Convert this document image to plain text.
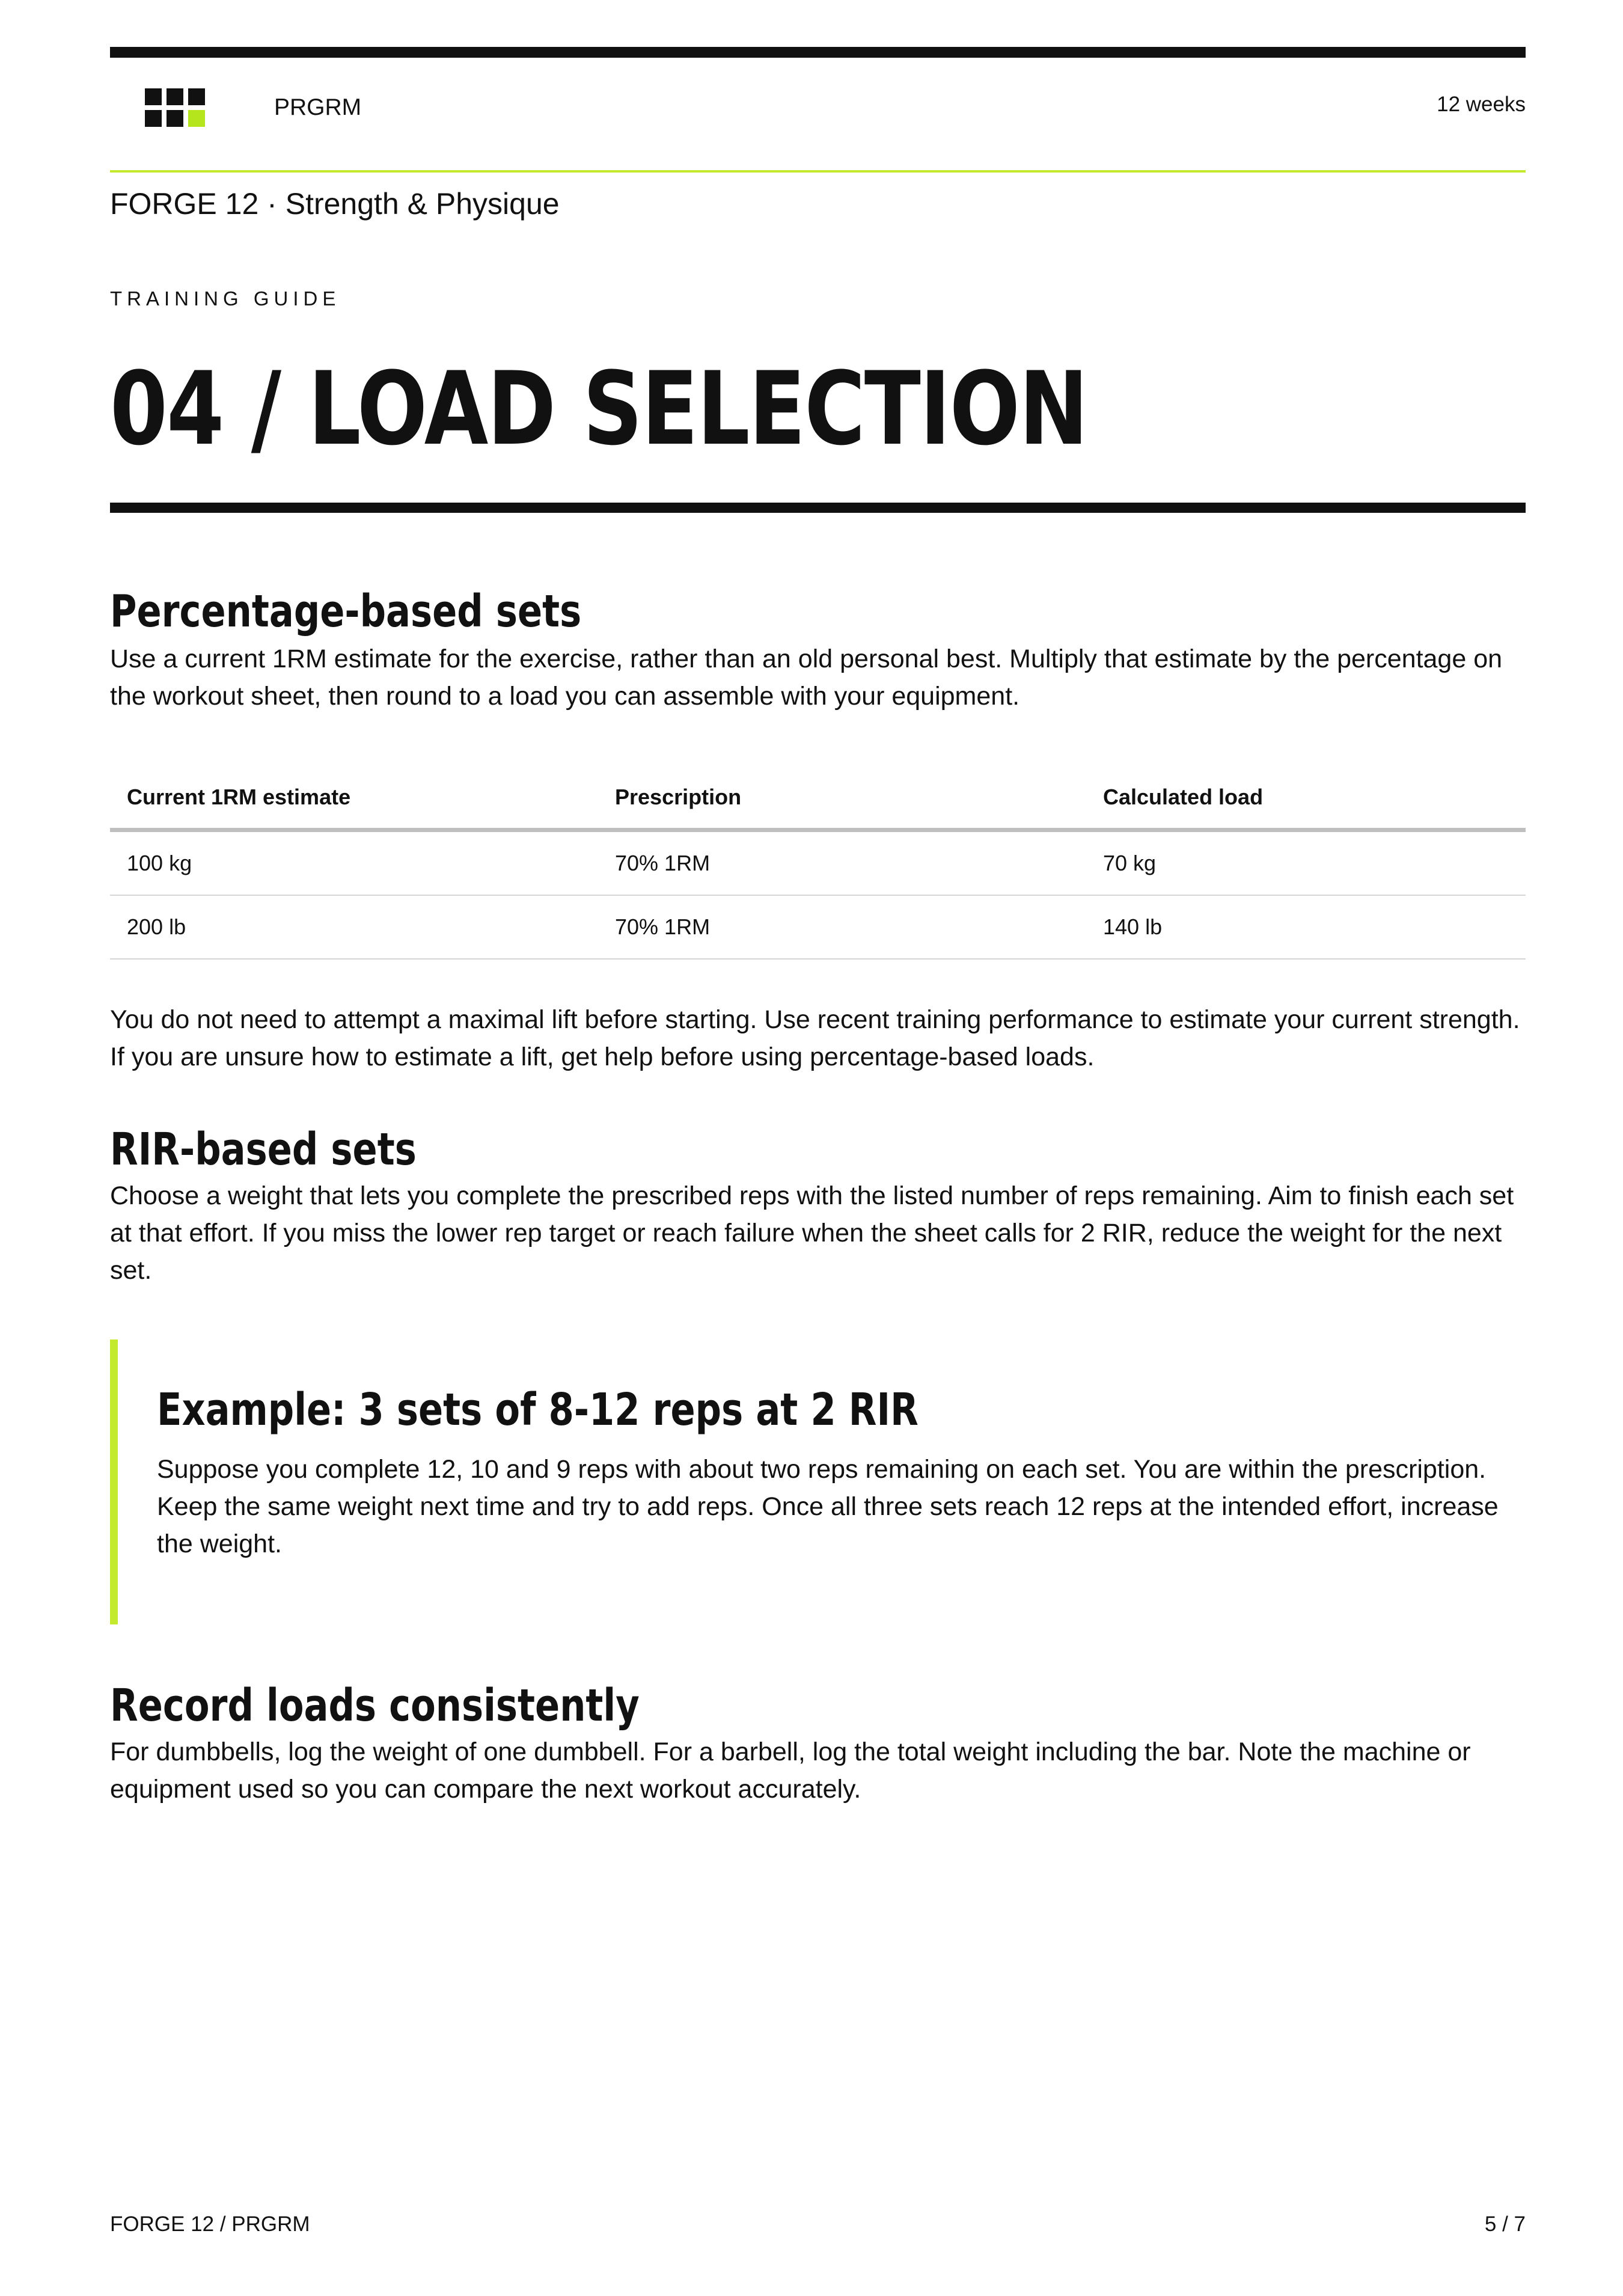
PRGRM	12 weeks
FORGE 12 · Strength & Physique
TRAINING GUIDE
04 / LOAD SELECTION
Percentage-based sets

Use a current 1RM estimate for the exercise, rather than an old personal best. Multiply that estimate by the percentage on the workout sheet, then round to a load you can assemble with your equipment.

Current 1RM estimate	Prescription	Calculated load
100 kg	70% 1RM	70 kg
200 lb	70% 1RM	140 lb

You do not need to attempt a maximal lift before starting. Use recent training performance to estimate your current strength. If you are unsure how to estimate a lift, get help before using percentage-based loads.

RIR-based sets

Choose a weight that lets you complete the prescribed reps with the listed number of reps remaining. Aim to finish each set at that effort. If you miss the lower rep target or reach failure when the sheet calls for 2 RIR, reduce the weight for the next set.

Example: 3 sets of 8-12 reps at 2 RIR

Suppose you complete 12, 10 and 9 reps with about two reps remaining on each set. You are within the prescription. Keep the same weight next time and try to add reps. Once all three sets reach 12 reps at the intended effort, increase the weight.

Record loads consistently

For dumbbells, log the weight of one dumbbell. For a barbell, log the total weight including the bar. Note the machine or equipment used so you can compare the next workout accurately.

FORGE 12 / PRGRM	5 / 7
